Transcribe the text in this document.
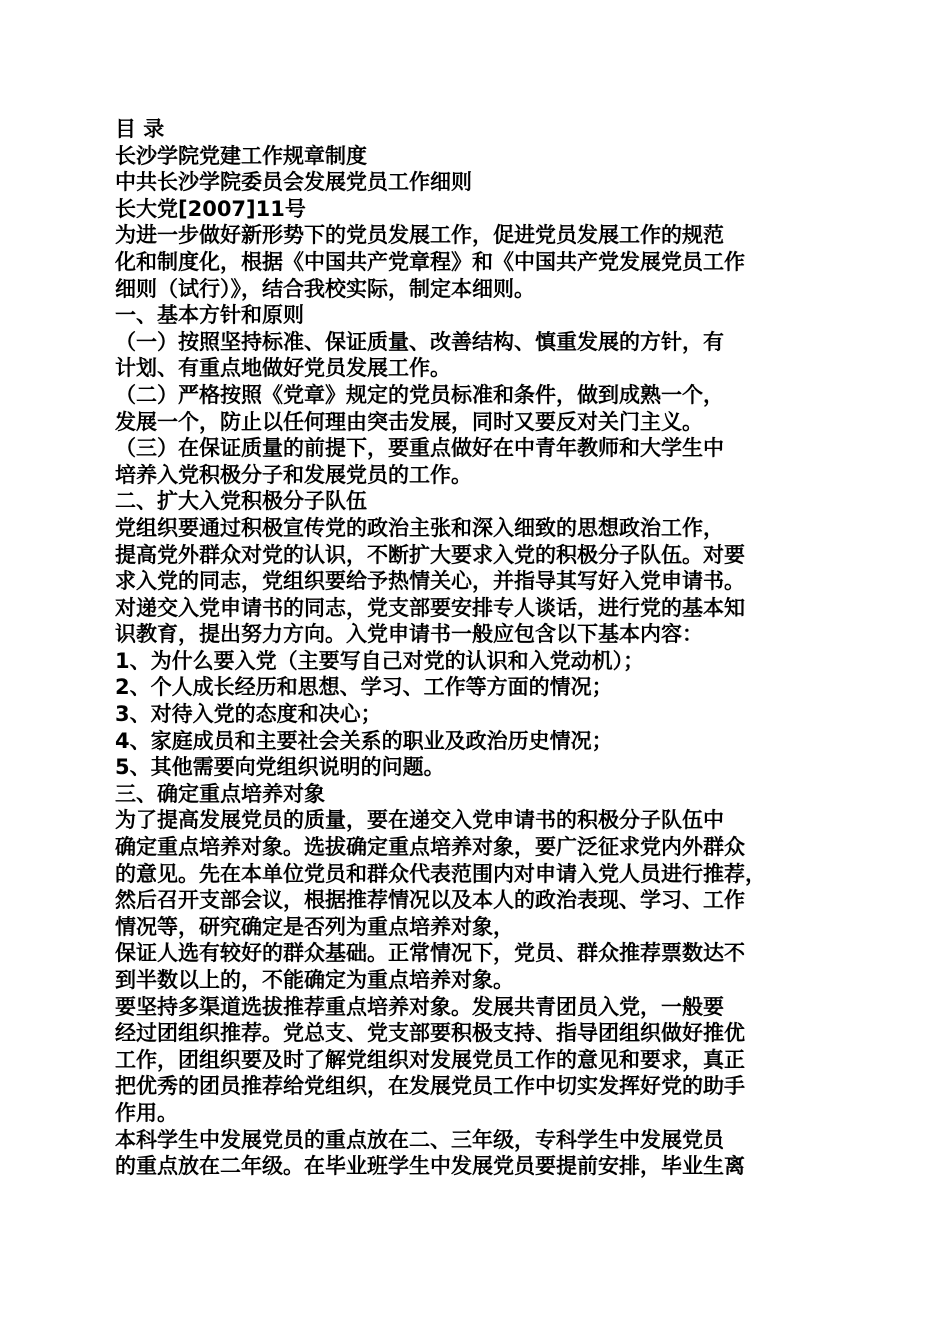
目 录
长沙学院党建工作规章制度
中共长沙学院委员会发展党员工作细则
长大党[2007]11号
为进一步做好新形势下的党员发展工作，促进党员发展工作的规范
化和制度化，根据《中国共产党章程》和《中国共产党发展党员工作
细则（试行）》，结合我校实际，制定本细则。
一、基本方针和原则
（一）按照坚持标准、保证质量、改善结构、慎重发展的方针，有
计划、有重点地做好党员发展工作。
（二）严格按照《党章》规定的党员标准和条件，做到成熟一个，
发展一个，防止以任何理由突击发展，同时又要反对关门主义。
（三）在保证质量的前提下，要重点做好在中青年教师和大学生中
培养入党积极分子和发展党员的工作。
二、扩大入党积极分子队伍
党组织要通过积极宣传党的政治主张和深入细致的思想政治工作，
提高党外群众对党的认识，不断扩大要求入党的积极分子队伍。对要
求入党的同志，党组织要给予热情关心，并指导其写好入党申请书。
对递交入党申请书的同志，党支部要安排专人谈话，进行党的基本知
识教育，提出努力方向。入党申请书一般应包含以下基本内容：
1、为什么要入党（主要写自己对党的认识和入党动机）；
2、个人成长经历和思想、学习、工作等方面的情况；
3、对待入党的态度和决心；
4、家庭成员和主要社会关系的职业及政治历史情况；
5、其他需要向党组织说明的问题。
三、确定重点培养对象
为了提高发展党员的质量，要在递交入党申请书的积极分子队伍中
确定重点培养对象。选拔确定重点培养对象，要广泛征求党内外群众
的意见。先在本单位党员和群众代表范围内对申请入党人员进行推荐，
然后召开支部会议，根据推荐情况以及本人的政治表现、学习、工作
情况等，研究确定是否列为重点培养对象，
保证人选有较好的群众基础。正常情况下，党员、群众推荐票数达不
到半数以上的，不能确定为重点培养对象。
要坚持多渠道选拔推荐重点培养对象。发展共青团员入党，一般要
经过团组织推荐。党总支、党支部要积极支持、指导团组织做好推优
工作，团组织要及时了解党组织对发展党员工作的意见和要求，真正
把优秀的团员推荐给党组织，在发展党员工作中切实发挥好党的助手
作用。
本科学生中发展党员的重点放在二、三年级，专科学生中发展党员
的重点放在二年级。在毕业班学生中发展党员要提前安排，毕业生离
